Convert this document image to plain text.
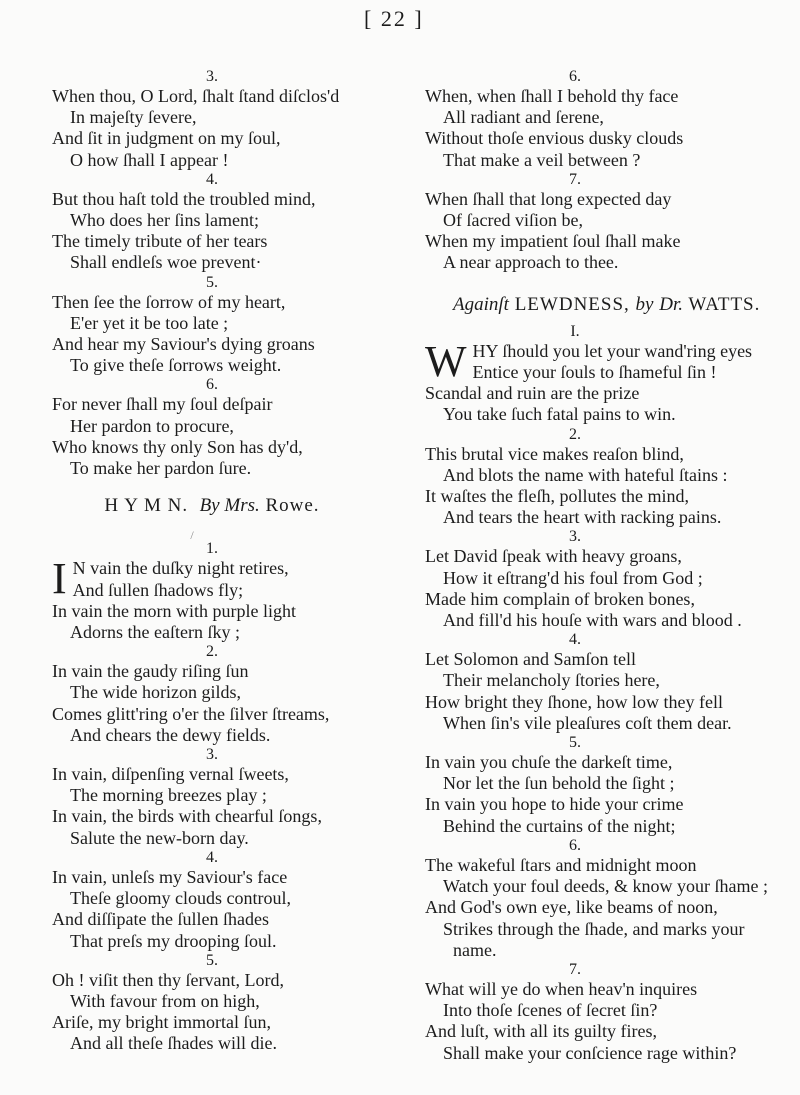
[ 22 ]
3.
When thou, O Lord, ſhalt ſtand diſclos'd
In majeſty ſevere,
And ſit in judgment on my ſoul,
O how ſhall I appear !
4.
But thou haſt told the troubled mind,
Who does her ſins lament;
The timely tribute of her tears
Shall endleſs woe prevent·
5.
Then ſee the ſorrow of my heart,
E'er yet it be too late ;
And hear my Saviour's dying groans
To give theſe ſorrows weight.
6.
For never ſhall my ſoul deſpair
Her pardon to procure,
Who knows thy only Son has dy'd,
To make her pardon ſure.
H Y M N. By Mrs. Rowe.
/
1.
I N vain the duſky night retires,
And ſullen ſhadows fly;
In vain the morn with purple light
Adorns the eaſtern ſky ;
2.
In vain the gaudy riſing ſun
The wide horizon gilds,
Comes glitt'ring o'er the ſilver ſtreams,
And chears the dewy fields.
3.
In vain, diſpenſing vernal ſweets,
The morning breezes play ;
In vain, the birds with chearful ſongs,
Salute the new-born day.
4.
In vain, unleſs my Saviour's face
Theſe gloomy clouds controul,
And diſſipate the ſullen ſhades
That preſs my drooping ſoul.
5.
Oh ! viſit then thy ſervant, Lord,
With favour from on high,
Ariſe, my bright immortal ſun,
And all theſe ſhades will die.
6.
When, when ſhall I behold thy face
All radiant and ſerene,
Without thoſe envious dusky clouds
That make a veil between ?
7.
When ſhall that long expected day
Of ſacred viſion be,
When my impatient ſoul ſhall make
A near approach to thee.
Againſt LEWDNESS, by Dr. WATTS.
I.
W HY ſhould you let your wand'ring eyes
Entice your ſouls to ſhameful ſin !
Scandal and ruin are the prize
You take ſuch fatal pains to win.
2.
This brutal vice makes reaſon blind,
And blots the name with hateful ſtains :
It waſtes the fleſh, pollutes the mind,
And tears the heart with racking pains.
3.
Let David ſpeak with heavy groans,
How it eſtrang'd his foul from God ;
Made him complain of broken bones,
And fill'd his houſe with wars and blood .
4.
Let Solomon and Samſon tell
Their melancholy ſtories here,
How bright they ſhone, how low they fell
When ſin's vile pleaſures coſt them dear.
5.
In vain you chuſe the darkeſt time,
Nor let the ſun behold the ſight ;
In vain you hope to hide your crime
Behind the curtains of the night;
6.
The wakeful ſtars and midnight moon
Watch your foul deeds, & know your ſhame ;
And God's own eye, like beams of noon,
Strikes through the ſhade, and marks your
name.
7.
What will ye do when heav'n inquires
Into thoſe ſcenes of ſecret ſin?
And luſt, with all its guilty fires,
Shall make your conſcience rage within?
